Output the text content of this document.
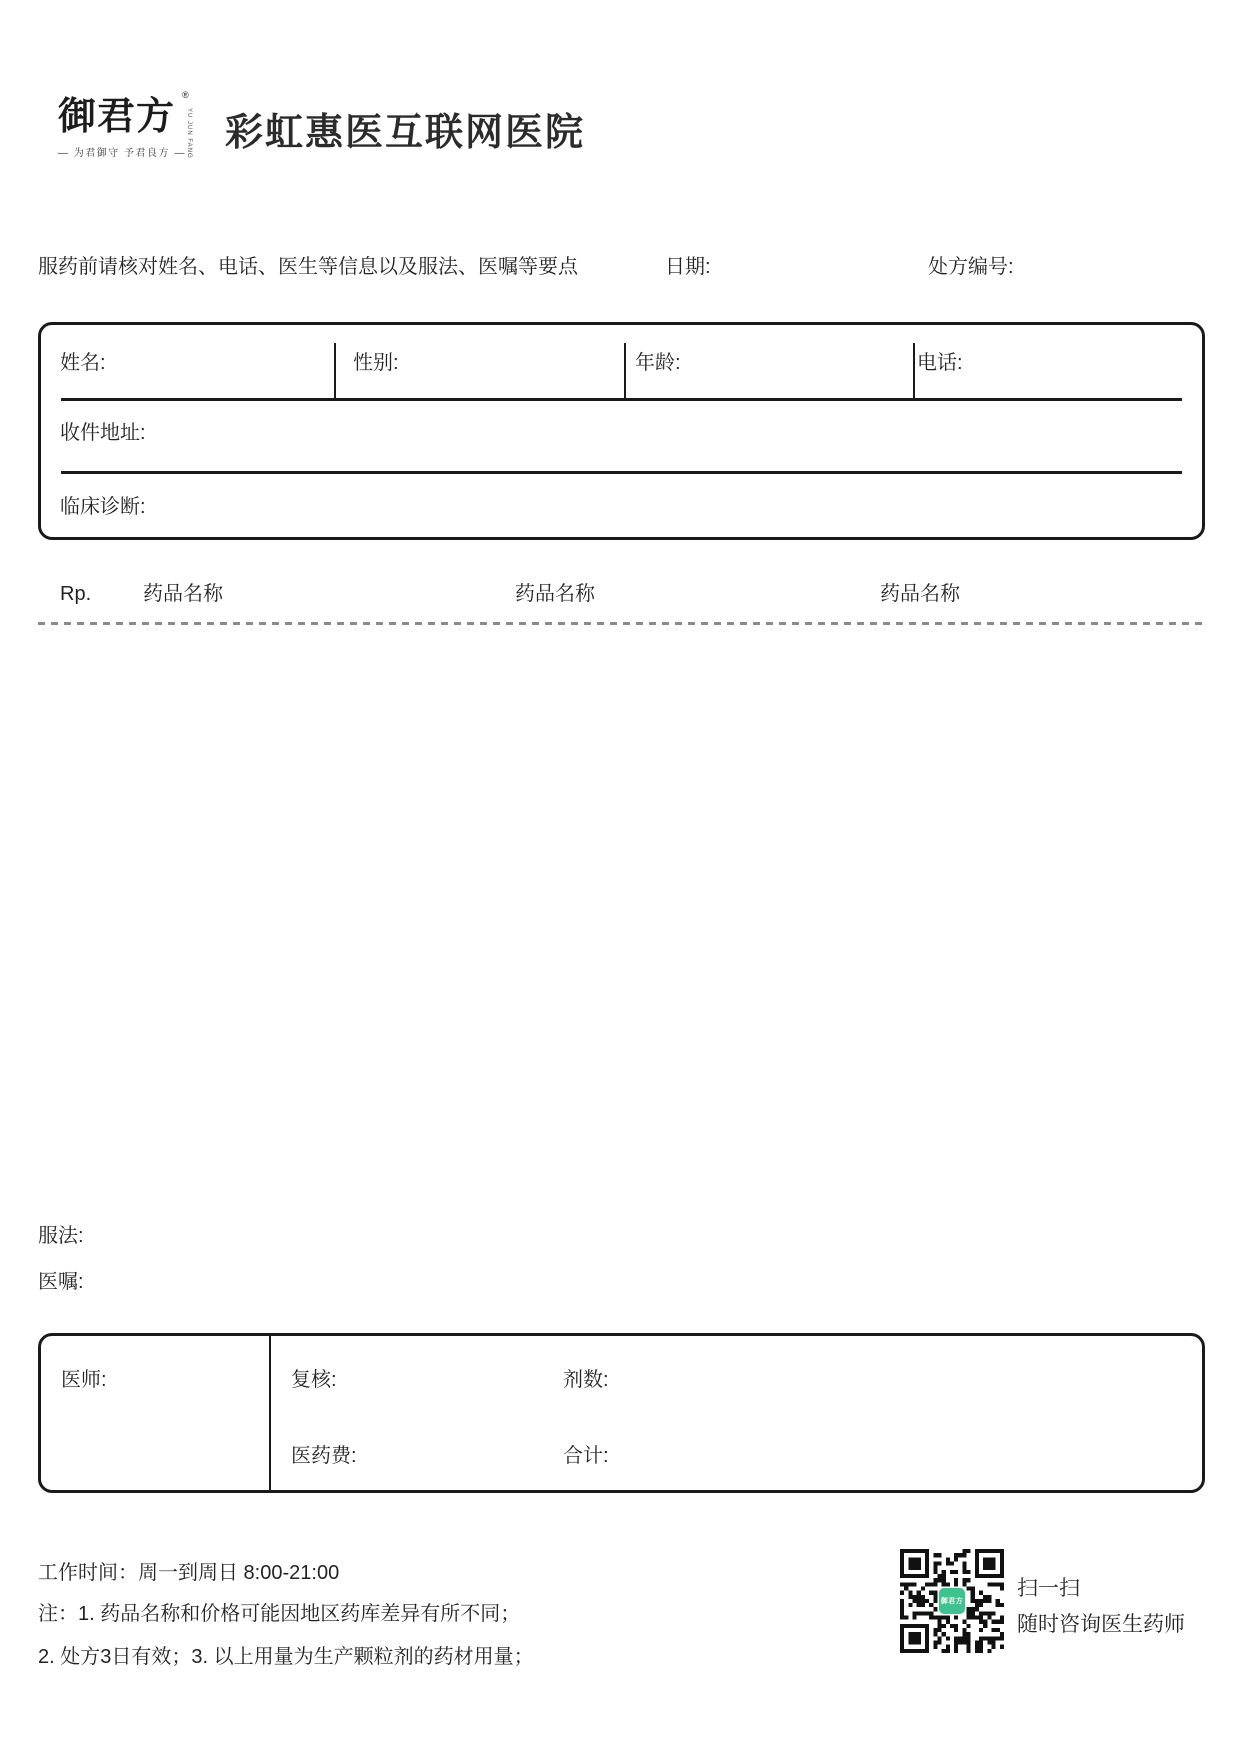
御君方 ®
YU JUN FANG
— 为君御守 予君良方 —	彩虹惠医互联网医院
服药前请核对姓名、电话、医生等信息以及服法、医嘱等要点	日期:	处方编号:
姓名:	性别:	年龄:	电话:
收件地址:
临床诊断:
Rp.	药品名称	药品名称	药品名称
服法:
医嘱:
医师:	复核:	剂数:
医药费:	合计:
工作时间：周一到周日 8:00-21:00
注：1. 药品名称和价格可能因地区药库差异有所不同；
2. 处方3日有效；3. 以上用量为生产颗粒剂的药材用量；
御君方
扫一扫
随时咨询医生药师
